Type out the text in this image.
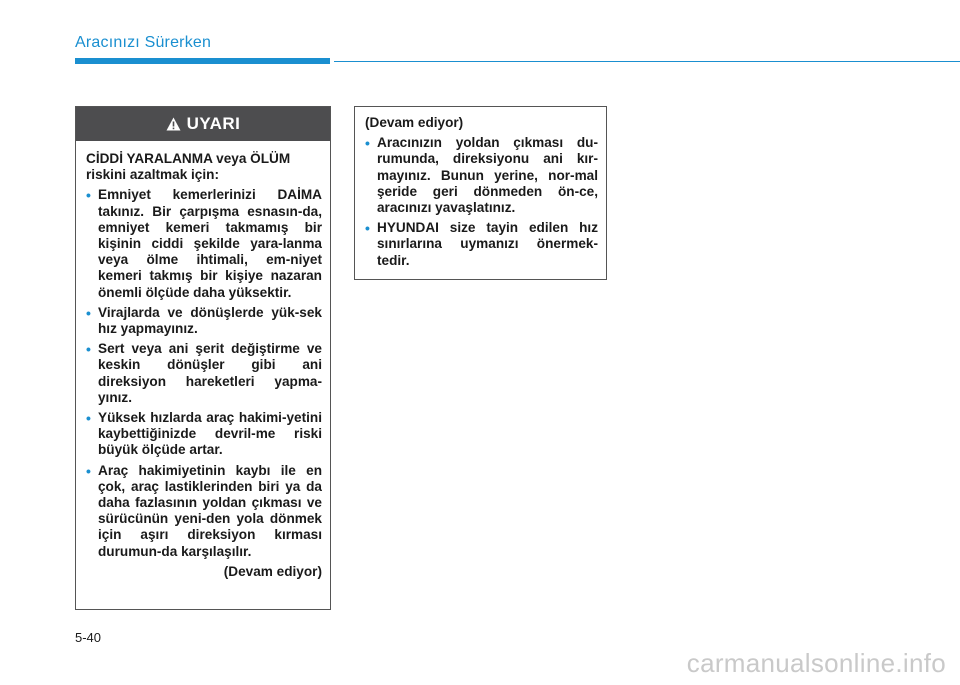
Aracınızı Sürerken
UYARI

CİDDİ YARALANMA veya ÖLÜM riskini azaltmak için:

• Emniyet kemerlerinizi DAİMA takınız. Bir çarpışma esnasın-da, emniyet kemeri takmamış bir kişinin ciddi şekilde yara-lanma veya ölme ihtimali, em-niyet kemeri takmış bir kişiye nazaran önemli ölçüde daha yüksektir.
• Virajlarda ve dönüşlerde yük-sek hız yapmayınız.
• Sert veya ani şerit değiştirme ve keskin dönüşler gibi ani direksiyon hareketleri yapma-yınız.
• Yüksek hızlarda araç hakimi-yetini kaybettiğinizde devril-me riski büyük ölçüde artar.
• Araç hakimiyetinin kaybı ile en çok, araç lastiklerinden biri ya da daha fazlasının yoldan çıkması ve sürücünün yeni-den yola dönmek için aşırı direksiyon kırması durumun-da karşılaşılır.

(Devam ediyor)

(Devam ediyor)

• Aracınızın yoldan çıkması du-rumunda, direksiyonu ani kır-mayınız. Bunun yerine, nor-mal şeride geri dönmeden ön-ce, aracınızı yavaşlatınız.
• HYUNDAI size tayin edilen hız sınırlarına uymanızı önermek-tedir.
5-40
carmanualsonline.info
